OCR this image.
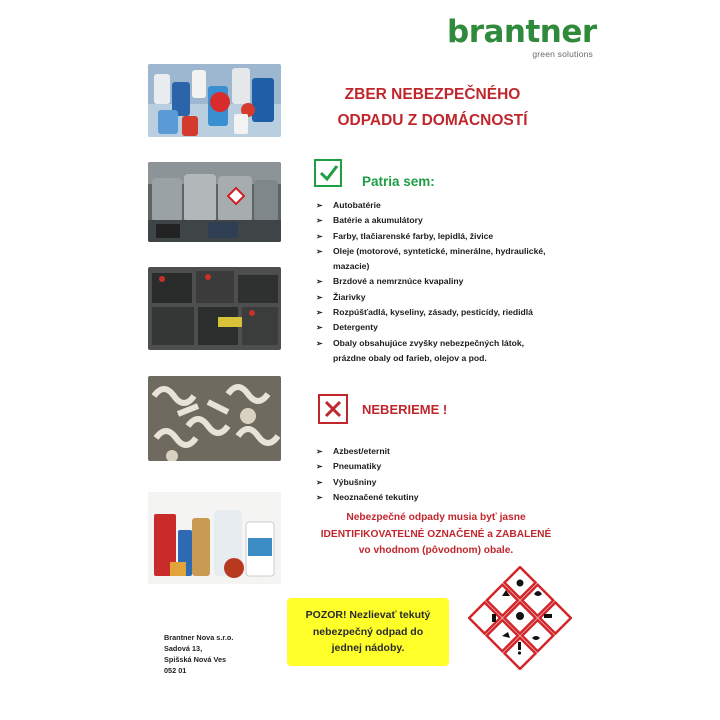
brantner
green solutions
ZBER NEBEZPEČNÉHO
ODPADU Z DOMÁCNOSTÍ
Patria sem:
➢ Autobatérie
➢ Batérie a akumulátory
➢ Farby, tlačiarenské farby, lepidlá, živice
➢ Oleje (motorové, syntetické, minerálne, hydraulické,
mazacie)
➢ Brzdové a nemrznúce kvapaliny
➢ Žiarivky
➢ Rozpúšťadlá, kyseliny, zásady, pesticídy, riedidlá
➢ Detergenty
➢ Obaly obsahujúce zvyšky nebezpečných látok,
prázdne obaly od farieb, olejov a pod.
NEBERIEME !
➢ Azbest/eternit
➢ Pneumatiky
➢ Výbušniny
➢ Neoznačené tekutiny
Nebezpečné odpady musia byť jasne
IDENTIFIKOVATEĽNÉ OZNAČENÉ a ZABALENÉ
vo vhodnom (pôvodnom) obale.
POZOR! Nezlievať tekutý
nebezpečný odpad do
jednej nádoby.
Brantner Nova s.r.o.
Sadová 13,
Spišská Nová Ves
052 01
